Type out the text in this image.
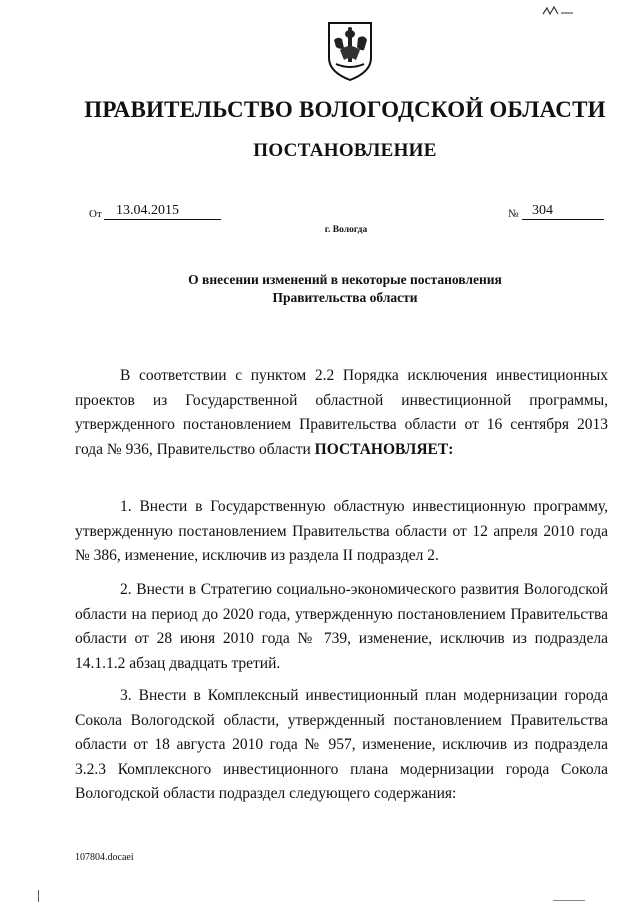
ПРАВИТЕЛЬСТВО ВОЛОГОДСКОЙ ОБЛАСТИ
ПОСТАНОВЛЕНИЕ
От	13.04.2015	№ 304
г. Вологда
О внесении изменений в некоторые постановления
Правительства области
В соответствии с пунктом 2.2 Порядка исключения инвестиционных проектов из Государственной областной инвестиционной программы, утвержденного постановлением Правительства области от 16 сентября 2013 года № 936, Правительство области ПОСТАНОВЛЯЕТ:
1. Внести в Государственную областную инвестиционную программу, утвержденную постановлением Правительства области от 12 апреля 2010 года № 386, изменение, исключив из раздела II подраздел 2.
2. Внести в Стратегию социально-экономического развития Вологодской области на период до 2020 года, утвержденную постановлением Правительства области от 28 июня 2010 года № 739, изменение, исключив из подраздела 14.1.1.2 абзац двадцать третий.
3. Внести в Комплексный инвестиционный план модернизации города Сокола Вологодской области, утвержденный постановлением Правительства области от 18 августа 2010 года № 957, изменение, исключив из подраздела 3.2.3 Комплексного инвестиционного плана модернизации города Сокола Вологодской области подраздел следующего содержания:
107804.docaei
